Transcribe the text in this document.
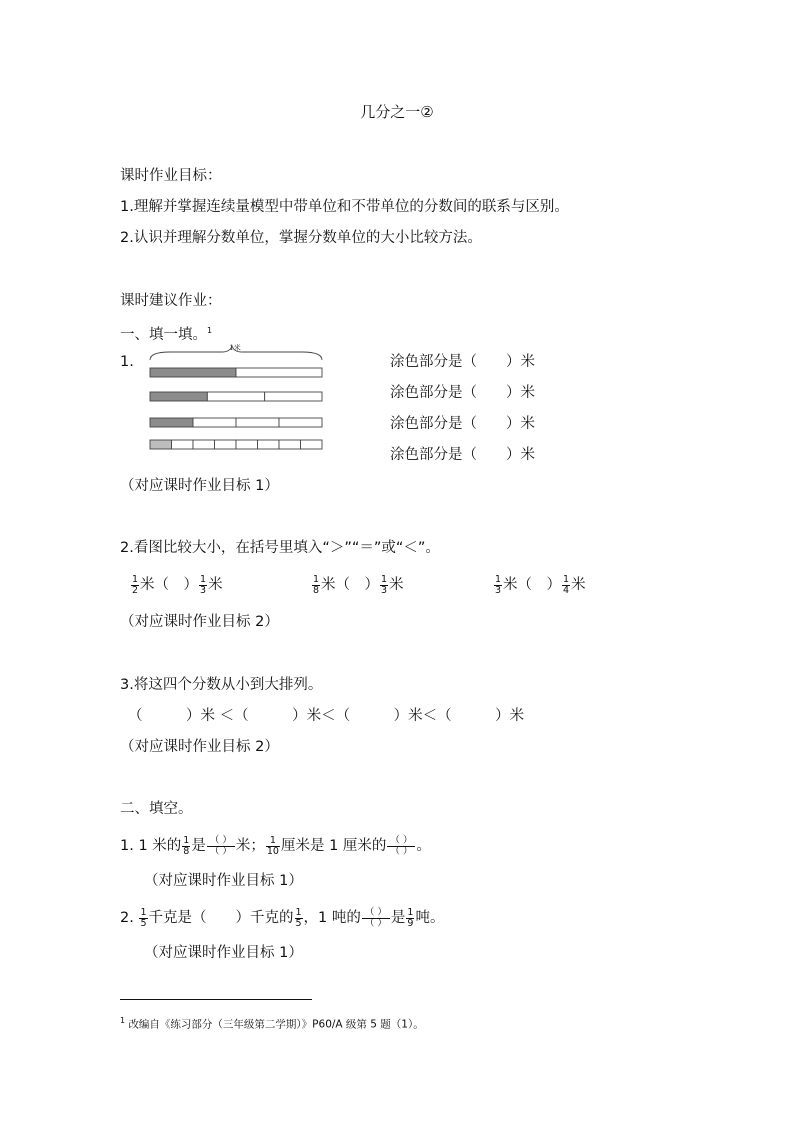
几分之一②
课时作业目标：
1.理解并掌握连续量模型中带单位和不带单位的分数间的联系与区别。
2.认识并理解分数单位，掌握分数单位的大小比较方法。
课时建议作业：
一、填一填。$^1$
1.
1米
涂色部分是（　　）米
涂色部分是（　　）米
涂色部分是（　　）米
涂色部分是（　　）米
（对应课时作业目标 1）
2.看图比较大小，在括号里填入“＞”“＝”或“＜”。
$\frac{1}{2}$ 米（　） $\frac{1}{3}$ 米	$\frac{1}{8}$ 米（　） $\frac{1}{3}$ 米	$\frac{1}{3}$ 米（　） $\frac{1}{4}$ 米
（对应课时作业目标 2）
3.将这四个分数从小到大排列。
（　　　）米 ＜（　　　）米＜（　　　）米＜（　　　）米
（对应课时作业目标 2）
二、填空。
1. 1 米的 $\frac{1}{8}$ 是 $\frac{( )}{( )}$ 米； $\frac{1}{10}$ 厘米是 1 厘米的 $\frac{( )}{( )}$ 。
（对应课时作业目标 1）
2. $\frac{1}{5}$ 千克是（　　）千克的 $\frac{1}{5}$ ，1 吨的 $\frac{( )}{( )}$ 是 $\frac{1}{9}$ 吨。
（对应课时作业目标 1）
$^1$ 改编自《练习部分（三年级第二学期）》P60/A 级第 5 题（1）。
